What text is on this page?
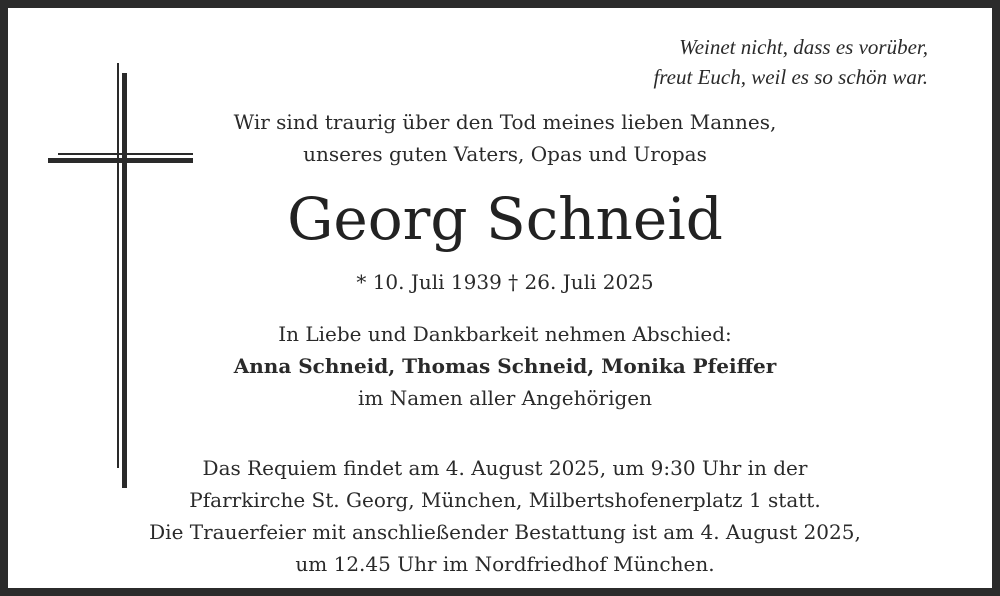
Weinet nicht, dass es vorüber,
freut Euch, weil es so schön war.
Wir sind traurig über den Tod meines lieben Mannes,
unseres guten Vaters, Opas und Uropas
Georg Schneid
* 10. Juli 1939 † 26. Juli 2025
In Liebe und Dankbarkeit nehmen Abschied:
Anna Schneid, Thomas Schneid, Monika Pfeiffer
im Namen aller Angehörigen
Das Requiem findet am 4. August 2025, um 9:30 Uhr in der
Pfarrkirche St. Georg, München, Milbertshofenerplatz 1 statt.
Die Trauerfeier mit anschließender Bestattung ist am 4. August 2025,
um 12.45 Uhr im Nordfriedhof München.
